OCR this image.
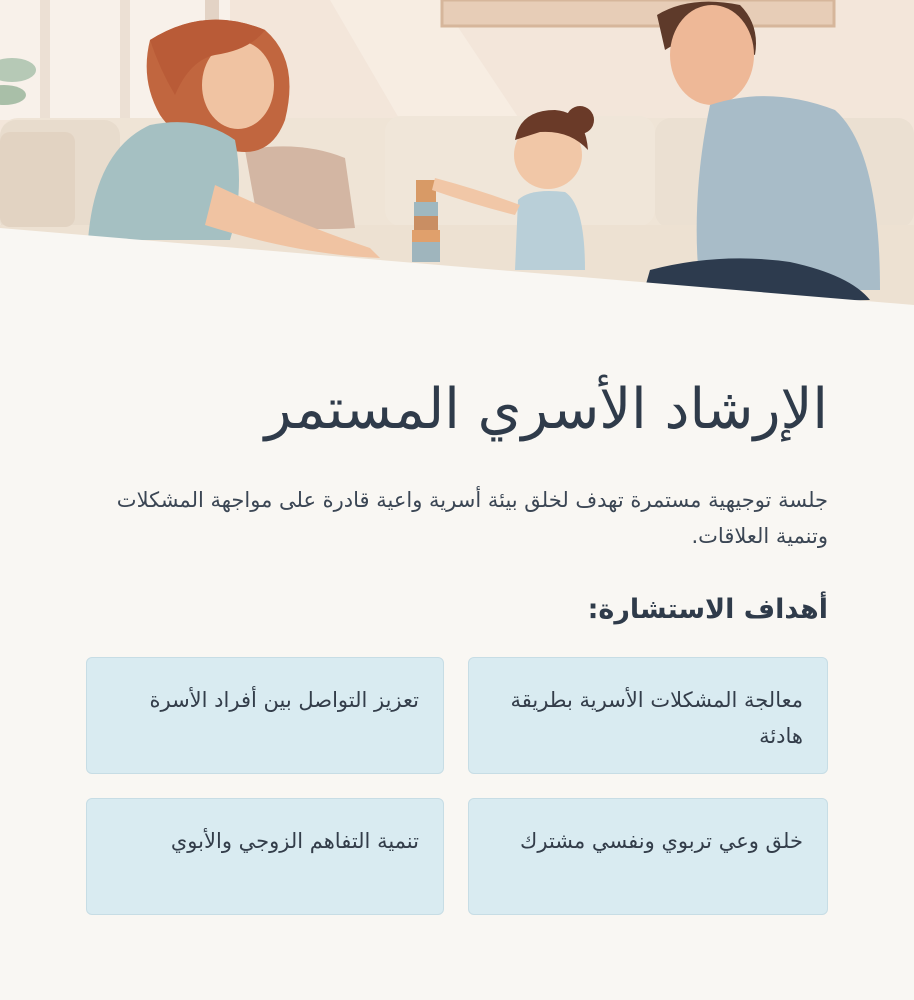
الإرشاد الأسري المستمر

جلسة توجيهية مستمرة تهدف لخلق بيئة أسرية واعية قادرة على مواجهة المشكلات وتنمية العلاقات.

أهداف الاستشارة:
معالجة المشكلات الأسرية بطريقة هادئة
تعزيز التواصل بين أفراد الأسرة
خلق وعي تربوي ونفسي مشترك
تنمية التفاهم الزوجي والأبوي
